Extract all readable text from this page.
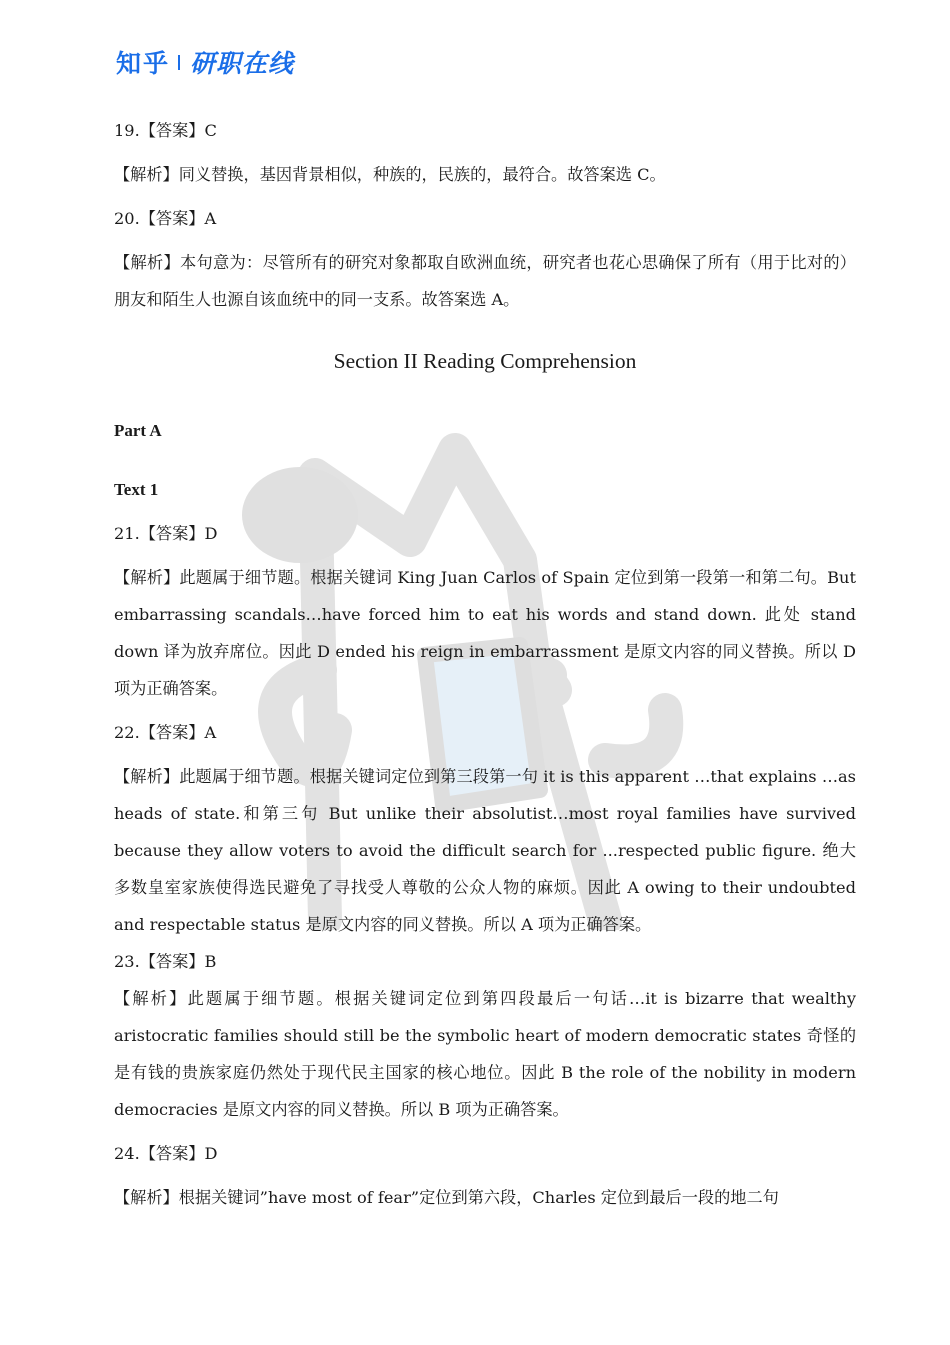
知乎 研职在线

19.【答案】C

【解析】同义替换，基因背景相似，种族的，民族的，最符合。故答案选 C。

20.【答案】A

【解析】本句意为：尽管所有的研究对象都取自欧洲血统，研究者也花心思确保了所有（用于比对的）朋友和陌生人也源自该血统中的同一支系。故答案选 A。

Section II Reading Comprehension

Part A

Text 1

21.【答案】D

【解析】此题属于细节题。根据关键词 King Juan Carlos of Spain 定位到第一段第一和第二句。But embarrassing scandals…have forced him to eat his words and stand down. 此处 stand down 译为放弃席位。因此 D ended his reign in embarrassment 是原文内容的同义替换。所以 D 项为正确答案。

22.【答案】A

【解析】此题属于细节题。根据关键词定位到第三段第一句 it is this apparent …that explains …as heads of state.和第三句 But unlike their absolutist…most royal families have survived because they allow voters to avoid the difficult search for ...respected public figure. 绝大多数皇室家族使得选民避免了寻找受人尊敬的公众人物的麻烦。因此 A owing to their undoubted and respectable status 是原文内容的同义替换。所以 A 项为正确答案。

23.【答案】B

【解析】此题属于细节题。根据关键词定位到第四段最后一句话…it is bizarre that wealthy aristocratic families should still be the symbolic heart of modern democratic states 奇怪的是有钱的贵族家庭仍然处于现代民主国家的核心地位。因此 B the role of the nobility in modern democracies 是原文内容的同义替换。所以 B 项为正确答案。

24.【答案】D

【解析】根据关键词”have most of fear”定位到第六段，Charles 定位到最后一段的地二句
